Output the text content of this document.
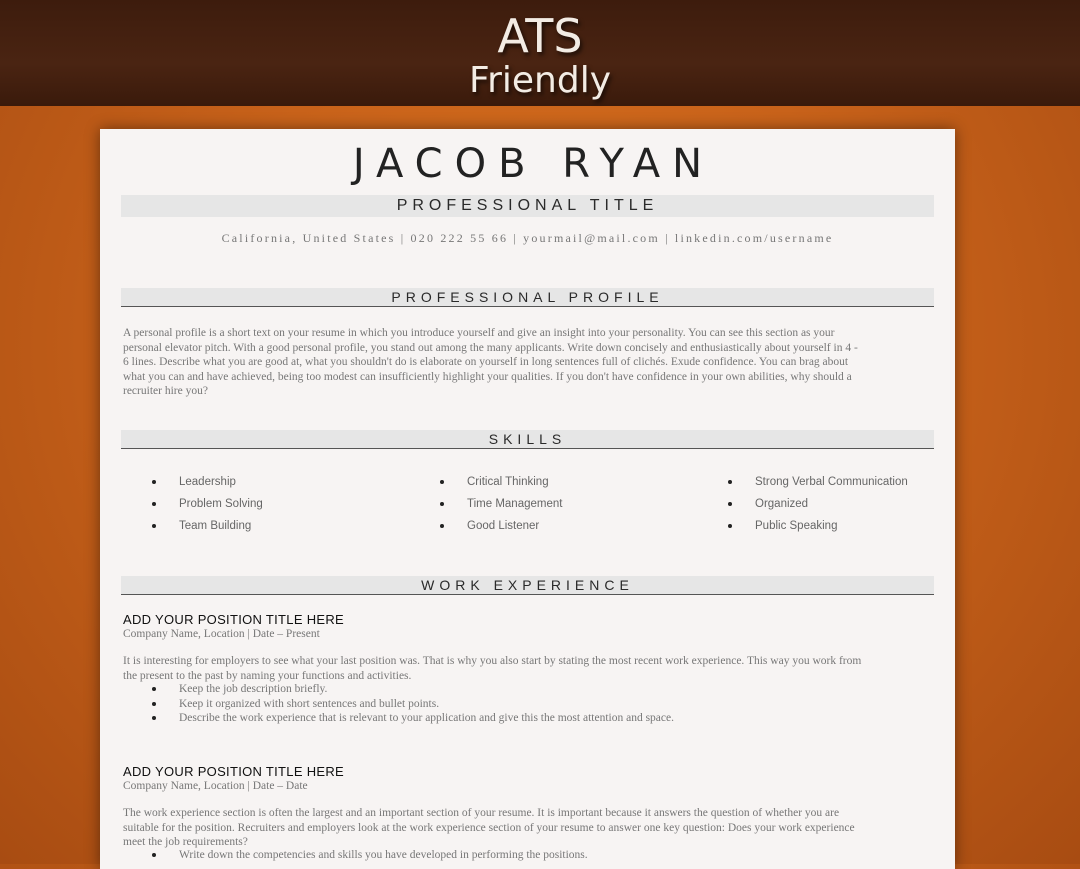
ATS
Friendly
JACOB RYAN
PROFESSIONAL TITLE
California, United States | 020 222 55 66 | yourmail@mail.com | linkedin.com/username
PROFESSIONAL PROFILE
A personal profile is a short text on your resume in which you introduce yourself and give an insight into your personality. You can see this section as your
personal elevator pitch. With a good personal profile, you stand out among the many applicants. Write down concisely and enthusiastically about yourself in 4 -
6 lines. Describe what you are good at, what you shouldn't do is elaborate on yourself in long sentences full of clichés. Exude confidence. You can brag about
what you can and have achieved, being too modest can insufficiently highlight your qualities. If you don't have confidence in your own abilities, why should a
recruiter hire you?
SKILLS
Leadership
Problem Solving
Team Building
Critical Thinking
Time Management
Good Listener
Strong Verbal Communication
Organized
Public Speaking
WORK EXPERIENCE
ADD YOUR POSITION TITLE HERE
Company Name, Location | Date – Present
It is interesting for employers to see what your last position was. That is why you also start by stating the most recent work experience. This way you work from
the present to the past by naming your functions and activities.
Keep the job description briefly.
Keep it organized with short sentences and bullet points.
Describe the work experience that is relevant to your application and give this the most attention and space.
ADD YOUR POSITION TITLE HERE
Company Name, Location | Date – Date
The work experience section is often the largest and an important section of your resume. It is important because it answers the question of whether you are
suitable for the position. Recruiters and employers look at the work experience section of your resume to answer one key question: Does your work experience
meet the job requirements?
Write down the competencies and skills you have developed in performing the positions.
